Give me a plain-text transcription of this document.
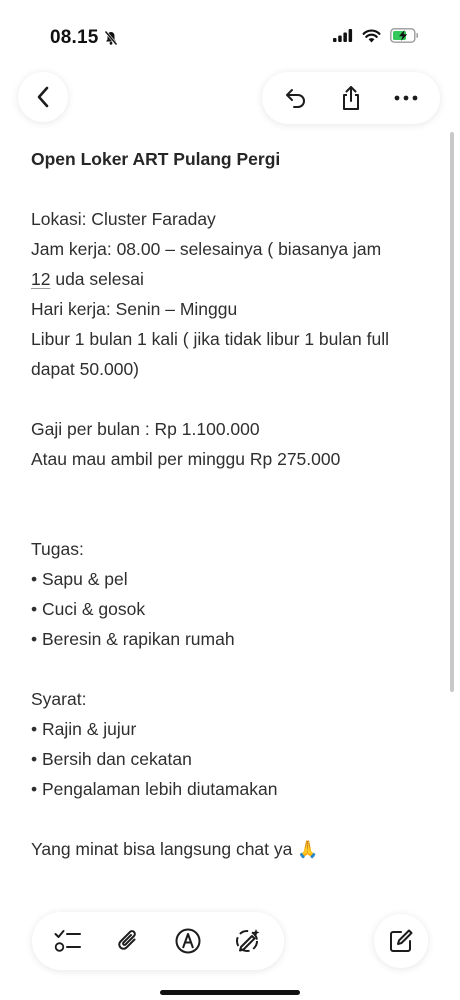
08.15
Open Loker ART Pulang Pergi
Lokasi: Cluster Faraday
Jam kerja: 08.00 – selesainya ( biasanya jam
12 uda selesai
Hari kerja: Senin – Minggu
Libur 1 bulan 1 kali ( jika tidak libur 1 bulan full
dapat 50.000)
Gaji per bulan : Rp 1.100.000
Atau mau ambil per minggu Rp 275.000
Tugas:
• Sapu & pel
• Cuci & gosok
• Beresin & rapikan rumah
Syarat:
• Rajin & jujur
• Bersih dan cekatan
• Pengalaman lebih diutamakan
Yang minat bisa langsung chat ya 🙏
